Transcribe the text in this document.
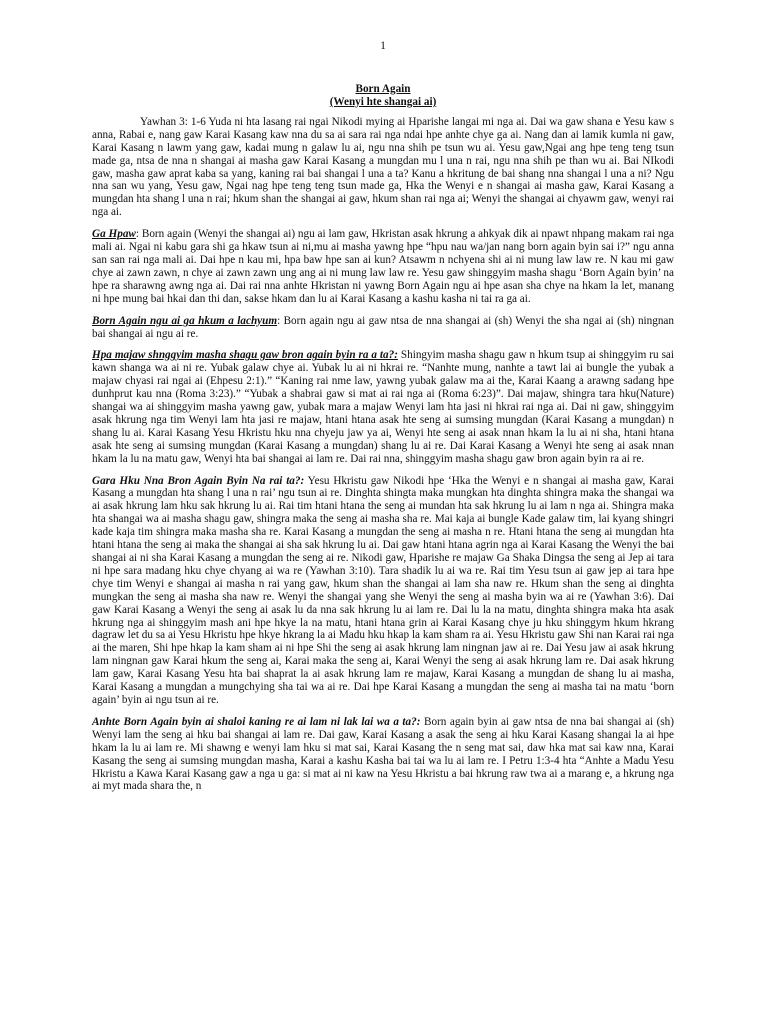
1
Born Again
(Wenyi hte shangai ai)

Yawhan 3: 1-6 Yuda ni hta lasang rai ngai Nikodi mying ai Hparishe langai mi nga ai. Dai wa gaw shana e Yesu kaw s anna, Rabai e, nang gaw Karai Kasang kaw nna du sa ai sara rai nga ndai hpe anhte chye ga ai. Nang dan ai lamik kumla ni gaw, Karai Kasang n lawm yang gaw, kadai mung n galaw lu ai, ngu nna shih pe tsun wu ai. Yesu gaw,Ngai ang hpe teng teng tsun made ga, ntsa de nna n shangai ai masha gaw Karai Kasang a mungdan mu l una n rai, ngu nna shih pe than wu ai. Bai NIkodi gaw, masha gaw aprat kaba sa yang, kaning rai bai shangai l una a ta? Kanu a hkritung de bai shang nna shangai l una a ni? Ngu nna san wu yang, Yesu gaw, Ngai nag hpe teng teng tsun made ga, Hka the Wenyi e n shangai ai masha gaw, Karai Kasang a mungdan hta shang l una n rai; hkum shan the shangai ai gaw, hkum shan rai nga ai; Wenyi the shangai ai chyawm gaw, wenyi rai nga ai.

Ga Hpaw: Born again (Wenyi the shangai ai) ngu ai lam gaw, Hkristan asak hkrung a ahkyak dik ai npawt nhpang makam rai nga mali ai. Ngai ni kabu gara shi ga hkaw tsun ai ni,mu ai masha yawng hpe “hpu nau wa/jan nang born again byin sai i?” ngu anna san san rai nga mali ai. Dai hpe n kau mi, hpa baw hpe san ai kun? Atsawm n nchyena shi ai ni mung law law re. N kau mi gaw chye ai zawn zawn, n chye ai zawn zawn ung ang ai ni mung law law re. Yesu gaw shinggyim masha shagu ‘Born Again byin’ na hpe ra sharawng awng nga ai. Dai rai nna anhte Hkristan ni yawng Born Again ngu ai hpe asan sha chye na hkam la let, manang ni hpe mung bai hkai dan thi dan, sakse hkam dan lu ai Karai Kasang a kashu kasha ni tai ra ga ai.

Born Again ngu ai ga hkum a lachyum: Born again ngu ai gaw ntsa de nna shangai ai (sh) Wenyi the sha ngai ai (sh) ningnan bai shangai ai ngu ai re.

Hpa majaw shnggyim masha shagu gaw bron again byin ra a ta?: Shingyim masha shagu gaw n hkum tsup ai shinggyim ru sai kawn shanga wa ai ni re. Yubak galaw chye ai. Yubak lu ai ni hkrai re. “Nanhte mung, nanhte a tawt lai ai bungle the yubak a majaw chyasi rai ngai ai (Ehpesu 2:1).” “Kaning rai nme law, yawng yubak galaw ma ai the, Karai Kaang a arawng sadang hpe dunhprut kau nna (Roma 3:23).” “Yubak a shabrai gaw si mat ai rai nga ai (Roma 6:23)”. Dai majaw, shingra tara hku(Nature) shangai wa ai shinggyim masha yawng gaw, yubak mara a majaw Wenyi lam hta jasi ni hkrai rai nga ai. Dai ni gaw, shinggyim asak hkrung nga tim Wenyi lam hta jasi re majaw, htani htana asak hte seng ai sumsing mungdan (Karai Kasang a mungdan) n shang lu ai. Karai Kasang Yesu Hkristu hku nna chyeju jaw ya ai, Wenyi hte seng ai asak nnan hkam la lu ai ni sha, htani htana asak hte seng ai sumsing mungdan (Karai Kasang a mungdan) shang lu ai re. Dai Karai Kasang a Wenyi hte seng ai asak nnan hkam la lu na matu gaw, Wenyi hta bai shangai ai lam re. Dai rai nna, shinggyim masha shagu gaw bron again byin ra ai re.

Gara Hku Nna Bron Again Byin Na rai ta?: Yesu Hkristu gaw Nikodi hpe ‘Hka the Wenyi e n shangai ai masha gaw, Karai Kasang a mungdan hta shang l una n rai’ ngu tsun ai re. Dinghta shingta maka mungkan hta dinghta shingra maka the shangai wa ai asak hkrung lam hku sak hkrung lu ai. Rai tim htani htana the seng ai mundan hta sak hkrung lu ai lam n nga ai. Shingra maka hta shangai wa ai masha shagu gaw, shingra maka the seng ai masha sha re. Mai kaja ai bungle Kade galaw tim, lai kyang shingri kade kaja tim shingra maka masha sha re. Karai Kasang a mungdan the seng ai masha n re. Htani htana the seng ai mungdan hta htani htana the seng ai maka the shangai ai sha sak hkrung lu ai. Dai gaw htani htana agrin nga ai Karai Kasang the Wenyi the bai shangai ai ni sha Karai Kasang a mungdan the seng ai re. Nikodi gaw, Hparishe re majaw Ga Shaka Dingsa the seng ai Jep ai tara ni hpe sara madang hku chye chyang ai wa re (Yawhan 3:10). Tara shadik lu ai wa re. Rai tim Yesu tsun ai gaw jep ai tara hpe chye tim Wenyi e shangai ai masha n rai yang gaw, hkum shan the shangai ai lam sha naw re. Hkum shan the seng ai dinghta mungkan the seng ai masha sha naw re. Wenyi the shangai yang she Wenyi the seng ai masha byin wa ai re (Yawhan 3:6). Dai gaw Karai Kasang a Wenyi the seng ai asak lu da nna sak hkrung lu ai lam re. Dai lu la na matu, dinghta shingra maka hta asak hkrung nga ai shinggyim mash ani hpe hkye la na matu, htani htana grin ai Karai Kasang chye ju hku shinggym hkum hkrang dagraw let du sa ai Yesu Hkristu hpe hkye hkrang la ai Madu hku hkap la kam sham ra ai. Yesu Hkristu gaw Shi nan Karai rai nga ai the maren, Shi hpe hkap la kam sham ai ni hpe Shi the seng ai asak hkrung lam ningnan jaw ai re. Dai Yesu jaw ai asak hkrung lam ningnan gaw Karai hkum the seng ai, Karai maka the seng ai, Karai Wenyi the seng ai asak hkrung lam re. Dai asak hkrung lam gaw, Karai Kasang Yesu hta bai shaprat la ai asak hkrung lam re majaw, Karai Kasang a mungdan de shang lu ai masha, Karai Kasang a mungdan a mungchying sha tai wa ai re. Dai hpe Karai Kasang a mungdan the seng ai masha tai na matu ‘born again’ byin ai ngu tsun ai re.

Anhte Born Again byin ai shaloi kaning re ai lam ni lak lai wa a ta?: Born again byin ai gaw ntsa de nna bai shangai ai (sh) Wenyi lam the seng ai hku bai shangai ai lam re. Dai gaw, Karai Kasang a asak the seng ai hku Karai Kasang shangai la ai hpe hkam la lu ai lam re. Mi shawng e wenyi lam hku si mat sai, Karai Kasang the n seng mat sai, daw hka mat sai kaw nna, Karai Kasang the seng ai sumsing mungdan masha, Karai a kashu Kasha bai tai wa lu ai lam re. I Petru 1:3-4 hta “Anhte a Madu Yesu Hkristu a Kawa Karai Kasang gaw a nga u ga: si mat ai ni kaw na Yesu Hkristu a bai hkrung raw twa ai a marang e, a hkrung nga ai myt mada shara the, n
